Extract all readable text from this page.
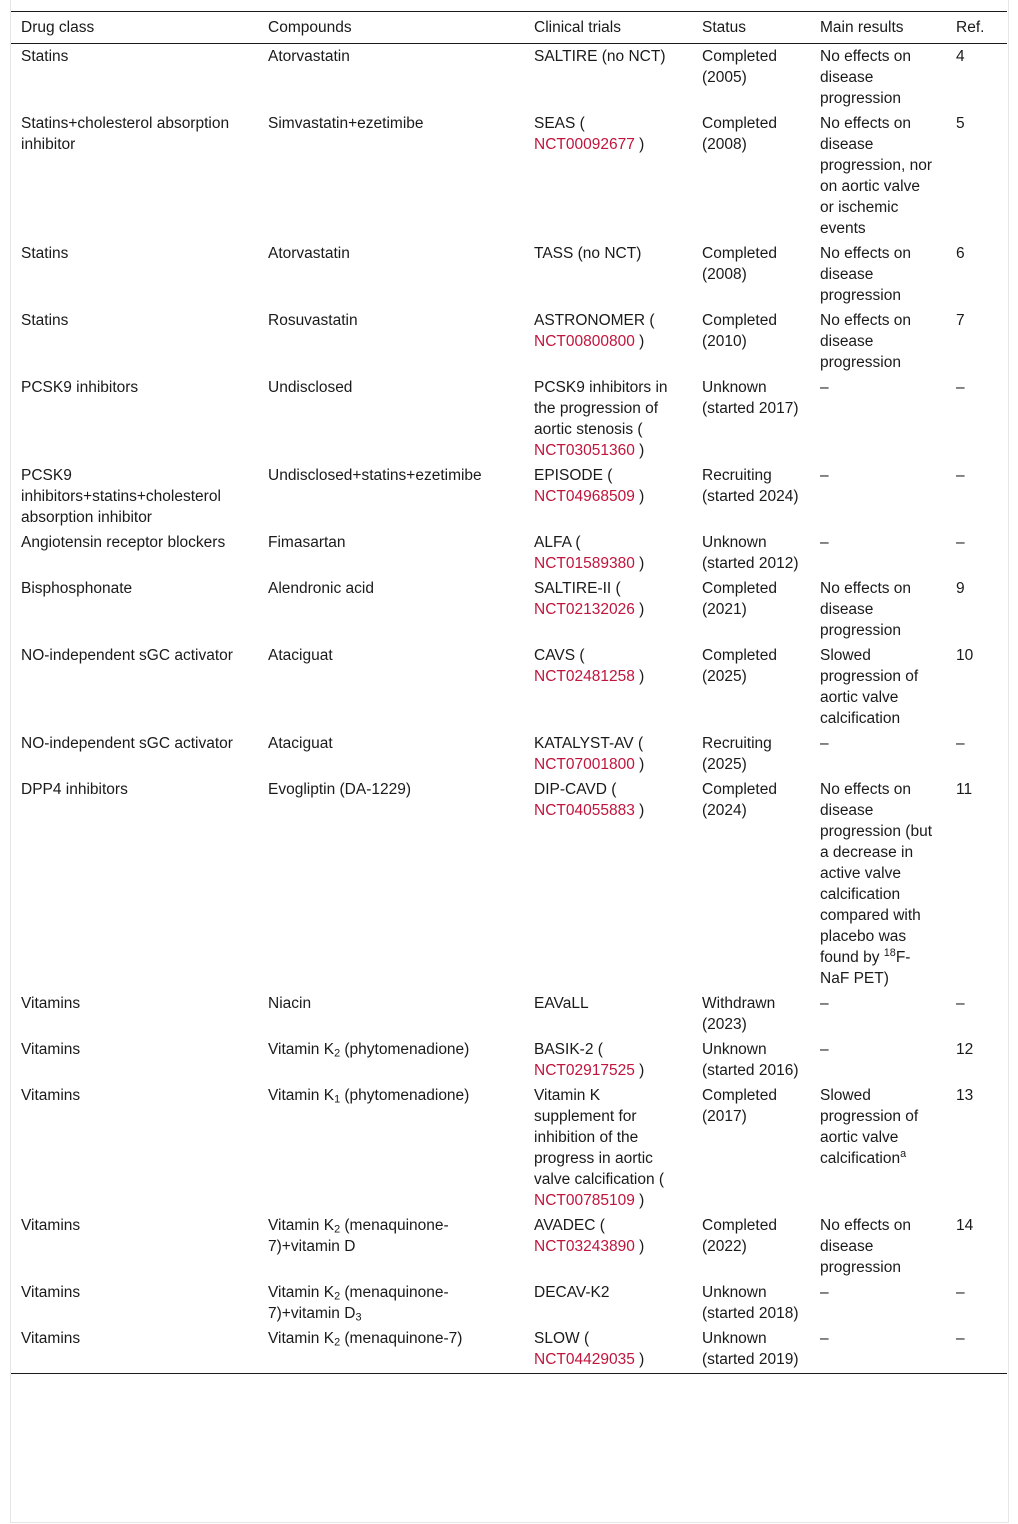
Drug class	Compounds	Clinical trials	Status	Main results	Ref.
Statins	Atorvastatin	SALTIRE (no NCT)	Completed (2005)	No effects on disease progression	4
Statins+cholesterol absorption inhibitor	Simvastatin+ezetimibe	SEAS ( NCT00092677 )	Completed (2008)	No effects on disease progression, nor on aortic valve or ischemic events	5
Statins	Atorvastatin	TASS (no NCT)	Completed (2008)	No effects on disease progression	6
Statins	Rosuvastatin	ASTRONOMER ( NCT00800800 )	Completed (2010)	No effects on disease progression	7
PCSK9 inhibitors	Undisclosed	PCSK9 inhibitors in the progression of aortic stenosis ( NCT03051360 )	Unknown (started 2017)	–	–
PCSK9 inhibitors+statins+cholesterol absorption inhibitor	Undisclosed+statins+ezetimibe	EPISODE ( NCT04968509 )	Recruiting (started 2024)	–	–
Angiotensin receptor blockers	Fimasartan	ALFA ( NCT01589380 )	Unknown (started 2012)	–	–
Bisphosphonate	Alendronic acid	SALTIRE-II ( NCT02132026 )	Completed (2021)	No effects on disease progression	9
NO-independent sGC activator	Ataciguat	CAVS ( NCT02481258 )	Completed (2025)	Slowed progression of aortic valve calcification	10
NO-independent sGC activator	Ataciguat	KATALYST-AV ( NCT07001800 )	Recruiting (2025)	–	–
DPP4 inhibitors	Evogliptin (DA-1229)	DIP-CAVD ( NCT04055883 )	Completed (2024)	No effects on disease progression (but a decrease in active valve calcification compared with placebo was found by $^{18}$F-NaF PET)	11
Vitamins	Niacin	EAVaLL	Withdrawn (2023)	–	–
Vitamins	Vitamin $K_2$ (phytomenadione)	BASIK-2 ( NCT02917525 )	Unknown (started 2016)	–	12
Vitamins	Vitamin $K_1$ (phytomenadione)	Vitamin K supplement for inhibition of the progress in aortic valve calcification ( NCT00785109 )	Completed (2017)	Slowed progression of aortic valve calcification$^a$	13
Vitamins	Vitamin $K_2$ (menaquinone-7)+vitamin D	AVADEC ( NCT03243890 )	Completed (2022)	No effects on disease progression	14
Vitamins	Vitamin $K_2$ (menaquinone-7)+vitamin $D_3$	DECAV-K2	Unknown (started 2018)	–	–
Vitamins	Vitamin $K_2$ (menaquinone-7)	SLOW ( NCT04429035 )	Unknown (started 2019)	–	–
